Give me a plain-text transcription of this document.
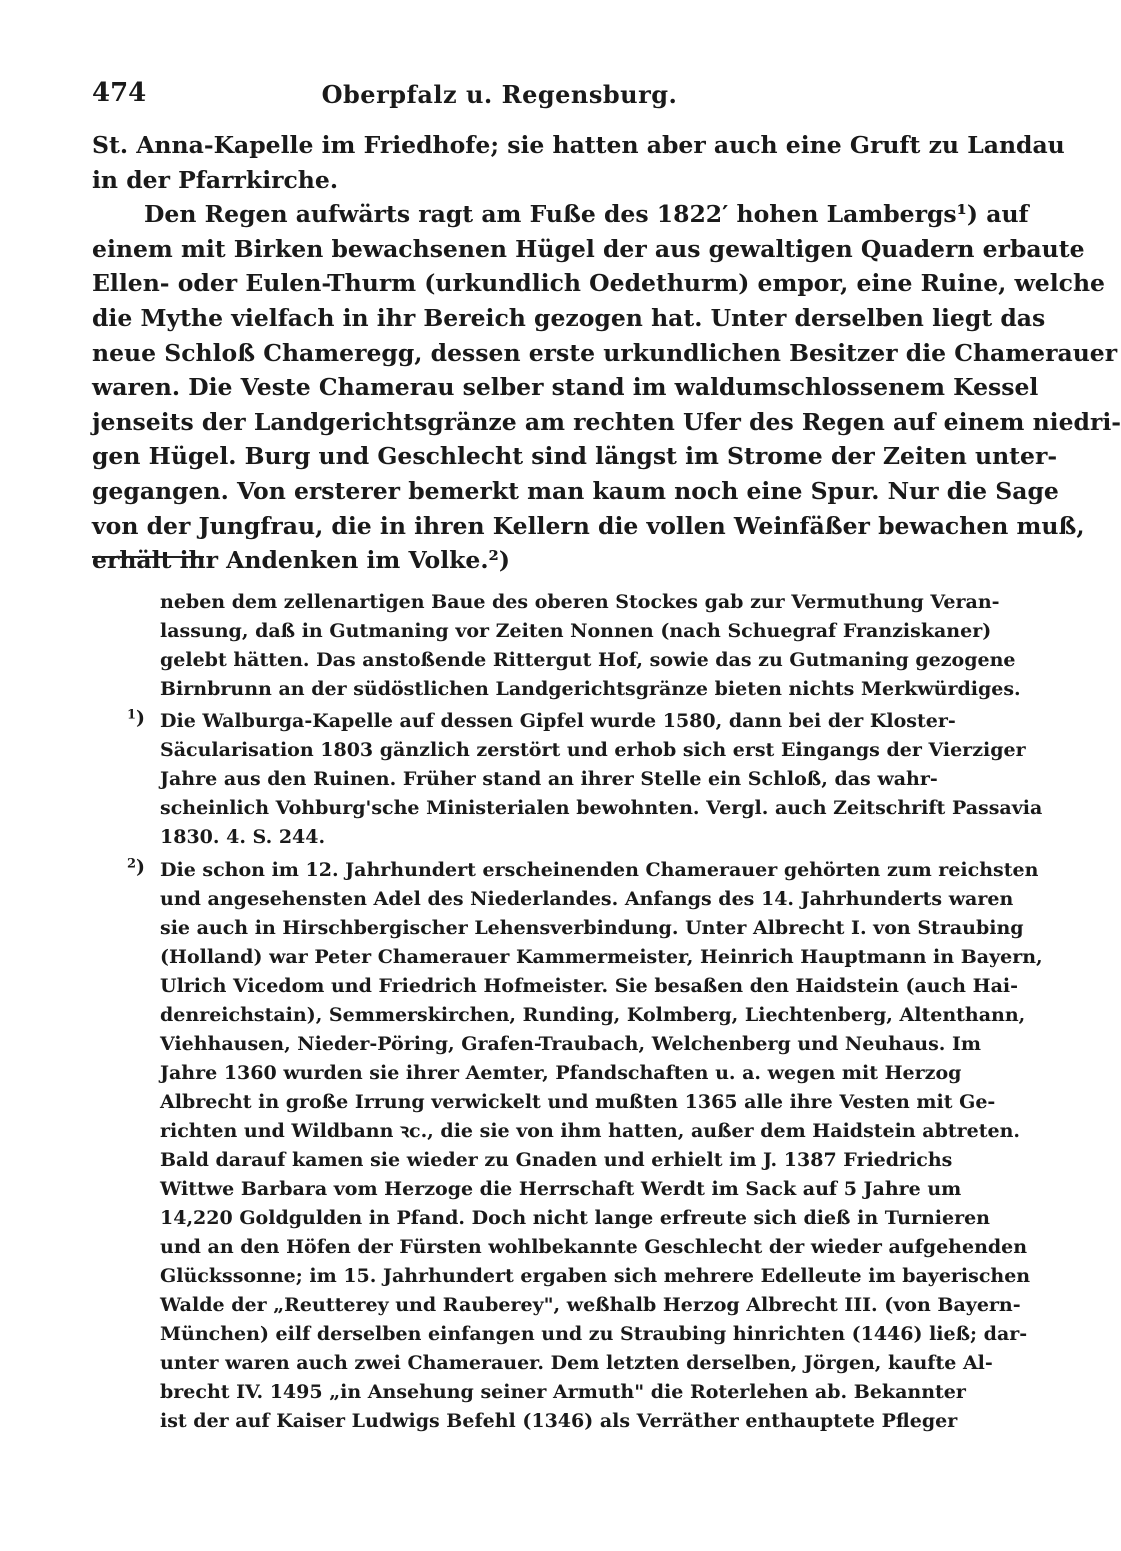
474	Oberpfalz u. Regensburg.
St. Anna-Kapelle im Friedhofe; sie hatten aber auch eine Gruft zu Landau
in der Pfarrkirche.
Den Regen aufwärts ragt am Fuße des 1822′ hohen Lambergs¹) auf
einem mit Birken bewachsenen Hügel der aus gewaltigen Quadern erbaute
Ellen- oder Eulen-Thurm (urkundlich Oedethurm) empor, eine Ruine, welche
die Mythe vielfach in ihr Bereich gezogen hat. Unter derselben liegt das
neue Schloß Chameregg, dessen erste urkundlichen Besitzer die Chamerauer
waren. Die Veste Chamerau selber stand im waldumschlossenem Kessel
jenseits der Landgerichtsgränze am rechten Ufer des Regen auf einem niedri-
gen Hügel. Burg und Geschlecht sind längst im Strome der Zeiten unter-
gegangen. Von ersterer bemerkt man kaum noch eine Spur. Nur die Sage
von der Jungfrau, die in ihren Kellern die vollen Weinfäßer bewachen muß,
erhält ihr Andenken im Volke.²)
neben dem zellenartigen Baue des oberen Stockes gab zur Vermuthung Veran-
lassung, daß in Gutmaning vor Zeiten Nonnen (nach Schuegraf Franziskaner)
gelebt hätten. Das anstoßende Rittergut Hof, sowie das zu Gutmaning gezogene
Birnbrunn an der südöstlichen Landgerichtsgränze bieten nichts Merkwürdiges.
$^1$) Die Walburga-Kapelle auf dessen Gipfel wurde 1580, dann bei der Kloster-
Säcularisation 1803 gänzlich zerstört und erhob sich erst Eingangs der Vierziger
Jahre aus den Ruinen. Früher stand an ihrer Stelle ein Schloß, das wahr-
scheinlich Vohburg'sche Ministerialen bewohnten. Vergl. auch Zeitschrift Passavia
1830. 4. S. 244.
$^2$) Die schon im 12. Jahrhundert erscheinenden Chamerauer gehörten zum reichsten
und angesehensten Adel des Niederlandes. Anfangs des 14. Jahrhunderts waren
sie auch in Hirschbergischer Lehensverbindung. Unter Albrecht I. von Straubing
(Holland) war Peter Chamerauer Kammermeister, Heinrich Hauptmann in Bayern,
Ulrich Vicedom und Friedrich Hofmeister. Sie besaßen den Haidstein (auch Hai-
denreichstain), Semmerskirchen, Runding, Kolmberg, Liechtenberg, Altenthann,
Viehhausen, Nieder-Pöring, Grafen-Traubach, Welchenberg und Neuhaus. Im
Jahre 1360 wurden sie ihrer Aemter, Pfandschaften u. a. wegen mit Herzog
Albrecht in große Irrung verwickelt und mußten 1365 alle ihre Vesten mit Ge-
richten und Wildbann ꝛc., die sie von ihm hatten, außer dem Haidstein abtreten.
Bald darauf kamen sie wieder zu Gnaden und erhielt im J. 1387 Friedrichs
Wittwe Barbara vom Herzoge die Herrschaft Werdt im Sack auf 5 Jahre um
14,220 Goldgulden in Pfand. Doch nicht lange erfreute sich dieß in Turnieren
und an den Höfen der Fürsten wohlbekannte Geschlecht der wieder aufgehenden
Glückssonne; im 15. Jahrhundert ergaben sich mehrere Edelleute im bayerischen
Walde der „Reutterey und Rauberey", weßhalb Herzog Albrecht III. (von Bayern-
München) eilf derselben einfangen und zu Straubing hinrichten (1446) ließ; dar-
unter waren auch zwei Chamerauer. Dem letzten derselben, Jörgen, kaufte Al-
brecht IV. 1495 „in Ansehung seiner Armuth" die Roterlehen ab. Bekannter
ist der auf Kaiser Ludwigs Befehl (1346) als Verräther enthauptete Pfleger
